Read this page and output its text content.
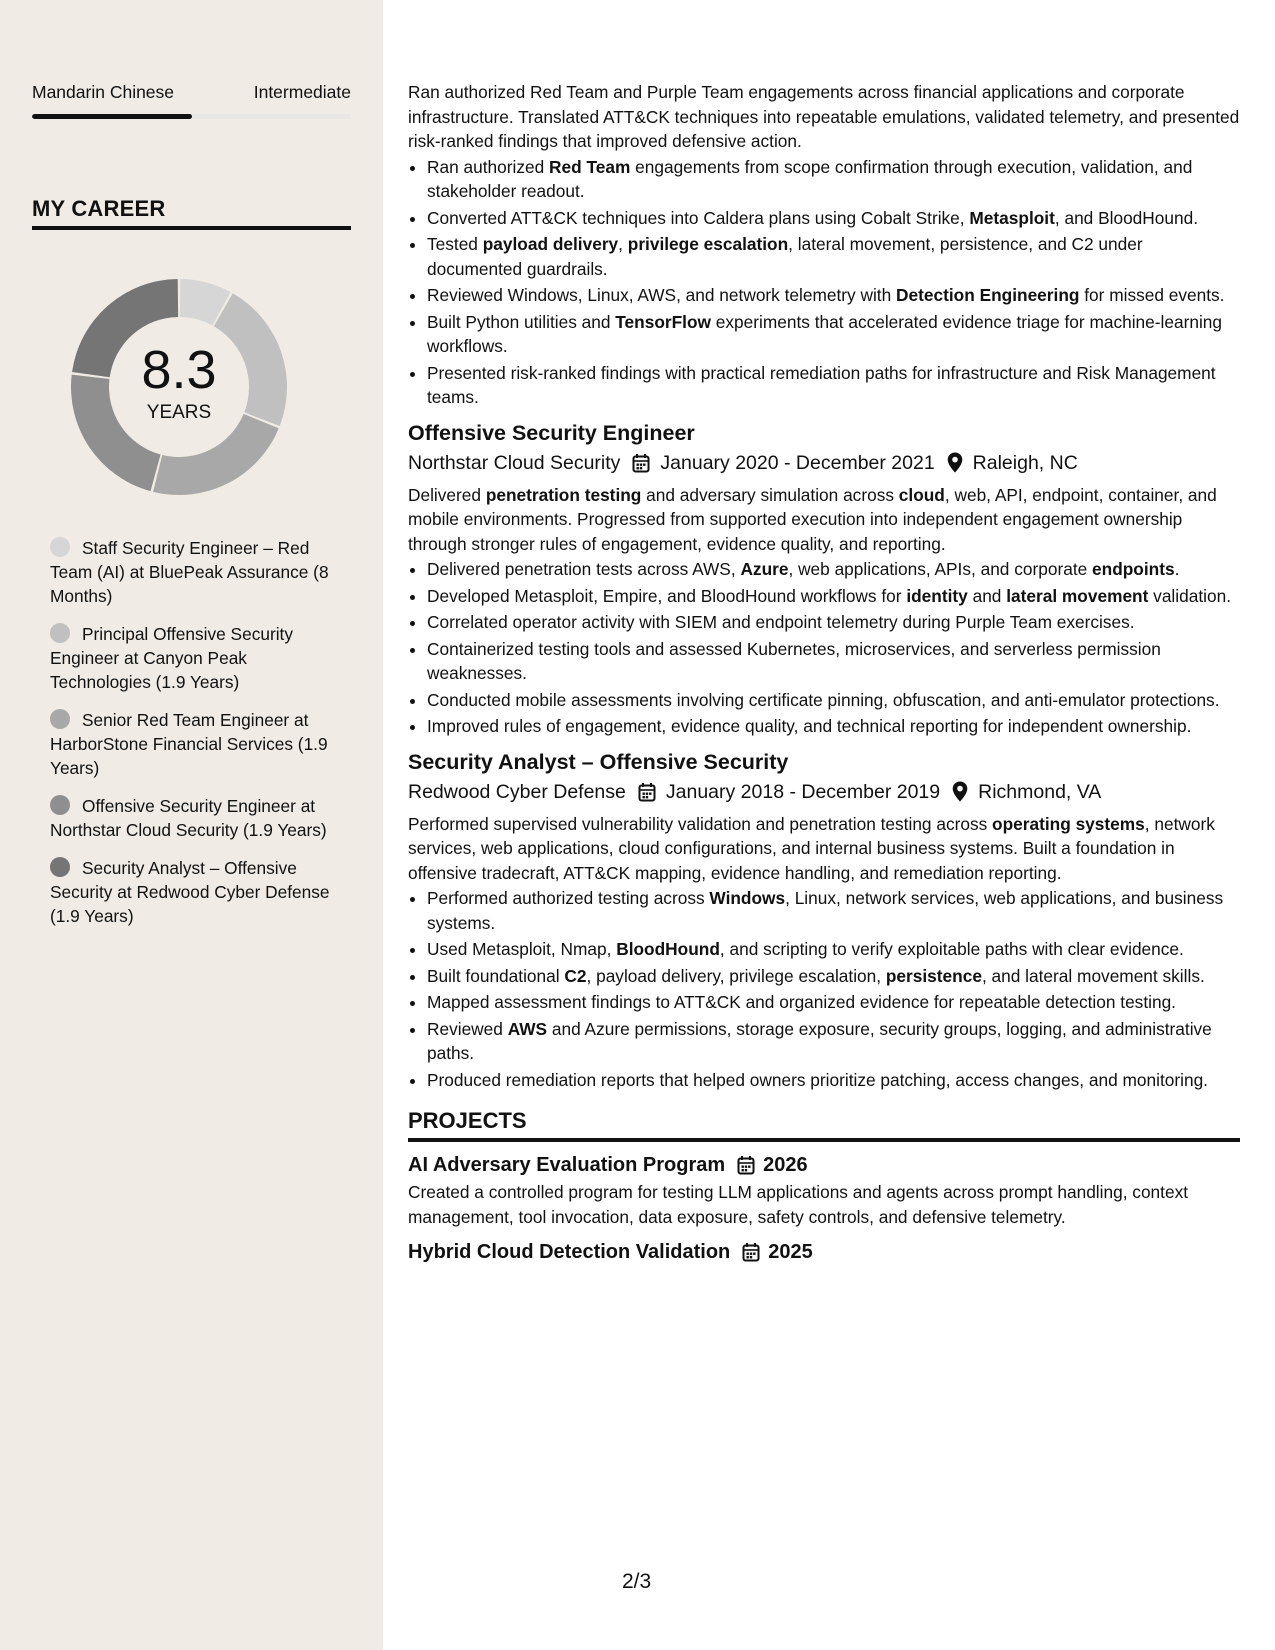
Mandarin Chinese	Intermediate
MY CAREER
8.3
YEARS
Staff Security Engineer – Red Team (AI) at BluePeak Assurance (8 Months)
Principal Offensive Security Engineer at Canyon Peak Technologies (1.9 Years)
Senior Red Team Engineer at HarborStone Financial Services (1.9 Years)
Offensive Security Engineer at Northstar Cloud Security (1.9 Years)
Security Analyst – Offensive Security at Redwood Cyber Defense (1.9 Years)

Ran authorized Red Team and Purple Team engagements across financial applications and corporate infrastructure. Translated ATT&CK techniques into repeatable emulations, validated telemetry, and presented risk-ranked findings that improved defensive action.

• Ran authorized Red Team engagements from scope confirmation through execution, validation, and stakeholder readout.
• Converted ATT&CK techniques into Caldera plans using Cobalt Strike, Metasploit, and BloodHound.
• Tested payload delivery, privilege escalation, lateral movement, persistence, and C2 under documented guardrails.
• Reviewed Windows, Linux, AWS, and network telemetry with Detection Engineering for missed events.
• Built Python utilities and TensorFlow experiments that accelerated evidence triage for machine-learning workflows.
• Presented risk-ranked findings with practical remediation paths for infrastructure and Risk Management teams.
Offensive Security Engineer
Northstar Cloud Security January 2020 - December 2021 Raleigh, NC

Delivered penetration testing and adversary simulation across cloud, web, API, endpoint, container, and mobile environments. Progressed from supported execution into independent engagement ownership through stronger rules of engagement, evidence quality, and reporting.

• Delivered penetration tests across AWS, Azure, web applications, APIs, and corporate endpoints.
• Developed Metasploit, Empire, and BloodHound workflows for identity and lateral movement validation.
• Correlated operator activity with SIEM and endpoint telemetry during Purple Team exercises.
• Containerized testing tools and assessed Kubernetes, microservices, and serverless permission weaknesses.
• Conducted mobile assessments involving certificate pinning, obfuscation, and anti-emulator protections.
• Improved rules of engagement, evidence quality, and technical reporting for independent ownership.
Security Analyst – Offensive Security
Redwood Cyber Defense January 2018 - December 2019 Richmond, VA

Performed supervised vulnerability validation and penetration testing across operating systems, network services, web applications, cloud configurations, and internal business systems. Built a foundation in offensive tradecraft, ATT&CK mapping, evidence handling, and remediation reporting.

• Performed authorized testing across Windows, Linux, network services, web applications, and business systems.
• Used Metasploit, Nmap, BloodHound, and scripting to verify exploitable paths with clear evidence.
• Built foundational C2, payload delivery, privilege escalation, persistence, and lateral movement skills.
• Mapped assessment findings to ATT&CK and organized evidence for repeatable detection testing.
• Reviewed AWS and Azure permissions, storage exposure, security groups, logging, and administrative paths.
• Produced remediation reports that helped owners prioritize patching, access changes, and monitoring.
PROJECTS
AI Adversary Evaluation Program 2026

Created a controlled program for testing LLM applications and agents across prompt handling, context management, tool invocation, data exposure, safety controls, and defensive telemetry.

Hybrid Cloud Detection Validation 2025
2/3
